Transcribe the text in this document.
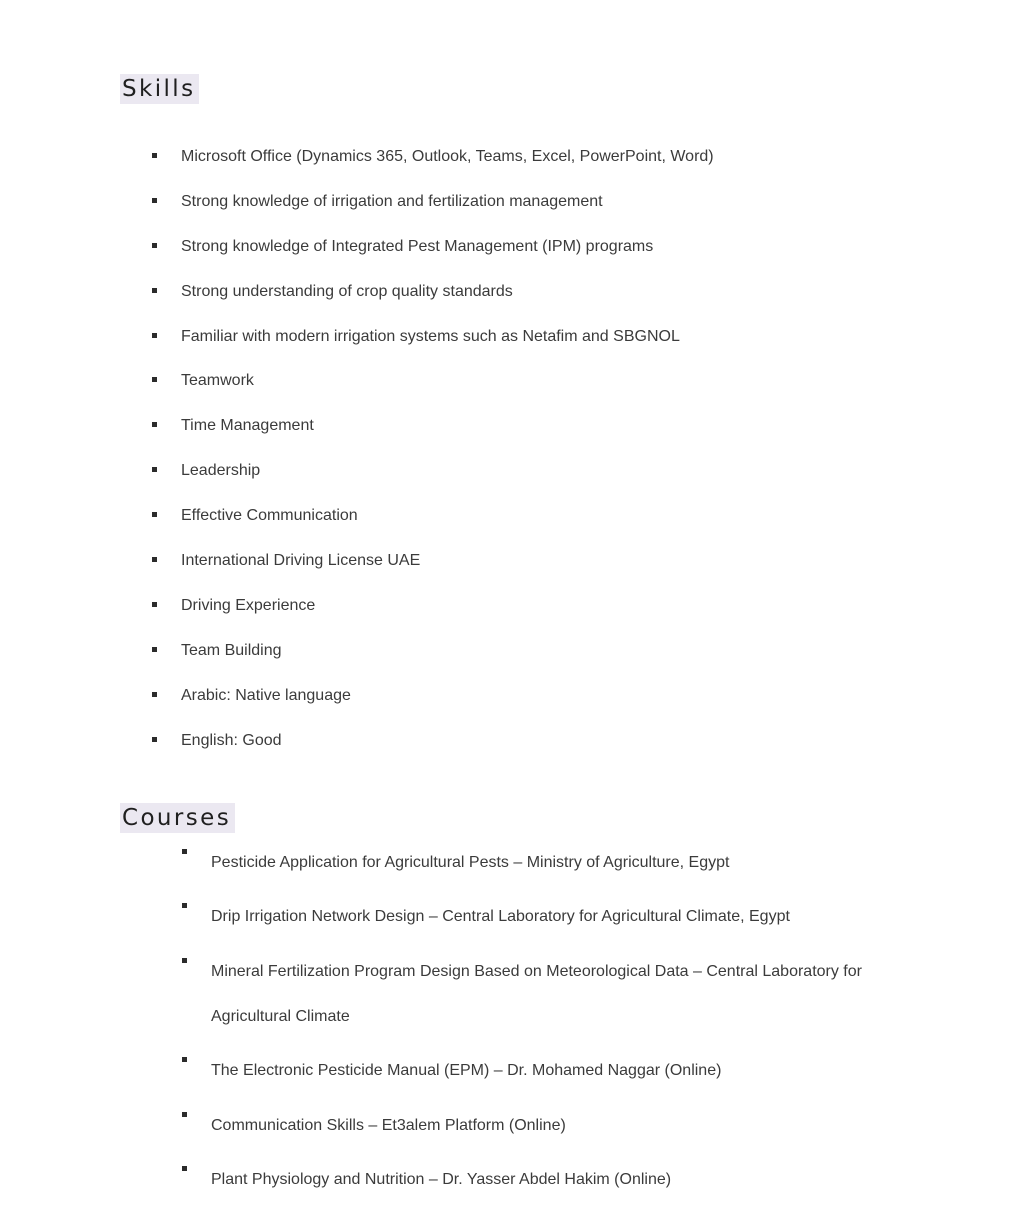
Skills
Microsoft Office (Dynamics 365, Outlook, Teams, Excel, PowerPoint, Word)
Strong knowledge of irrigation and fertilization management
Strong knowledge of Integrated Pest Management (IPM) programs
Strong understanding of crop quality standards
Familiar with modern irrigation systems such as Netafim and SBGNOL
Teamwork
Time Management
Leadership
Effective Communication
International Driving License UAE
Driving Experience
Team Building
Arabic: Native language
English: Good
Courses
Pesticide Application for Agricultural Pests – Ministry of Agriculture, Egypt
Drip Irrigation Network Design – Central Laboratory for Agricultural Climate, Egypt
Mineral Fertilization Program Design Based on Meteorological Data – Central Laboratory for Agricultural Climate
The Electronic Pesticide Manual (EPM) – Dr. Mohamed Naggar (Online)
Communication Skills – Et3alem Platform (Online)
Plant Physiology and Nutrition – Dr. Yasser Abdel Hakim (Online)
